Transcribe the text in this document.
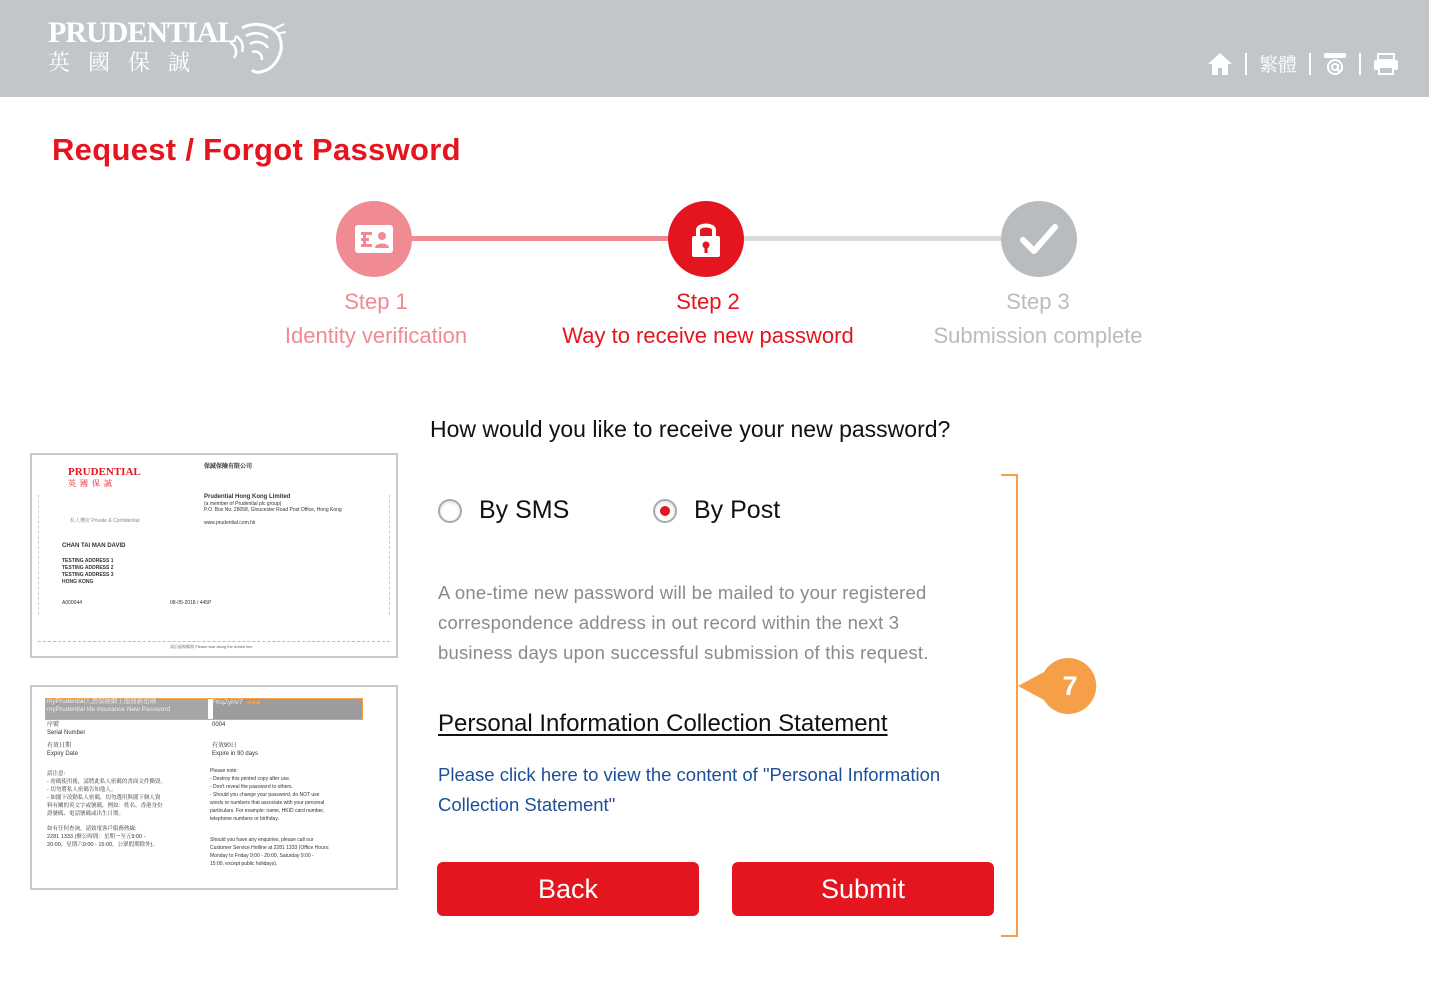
PRUDENTIAL
英國保誠	繁體
Request / Forgot Password
Step 1
Identity verification
Step 2
Way to receive new password
Step 3
Submission complete
PRUDENTIAL
英國保誠
保誠保險有限公司
Prudential Hong Kong Limited
(a member of Prudential plc group)
P.O. Box No. 28058, Gloucester Road Post Office, Hong Kong
www.prudential.com.hk
私人機密 Private & Confidential
CHAN TAI MAN DAVID
TESTING ADDRESS 1
TESTING ADDRESS 2
TESTING ADDRESS 3
HONG KONG
A000044	08-05-2018 / 445P
請沿虛線撕開 Please tear along the dotted line
myPrudential人壽保險網上服務新密碼
myPrudential life insurance New Password
FKqZyhV7 ◀◀◀
序號
Serial Number
0004
有效日期
Expiry Date
有效90日
Expire in 90 days
請注意:
- 密碼使用後，請將此私人密碼的書面文件撕毀。
- 切勿將私人密碼告知他人。
- 如閣下改動私人密碼，切勿選用與閣下個人資
料有關的英文字或號碼，例如：姓名、香港身份
證號碼、電話號碼或出生日期。
Please note:
- Destroy this printed copy after use.
- Don't reveal the password to others.
- Should you change your password, do NOT use
words or numbers that associate with your personal
particulars. For example: name, HKID card number,
telephone numbers or birthday.
如有任何查詢，請致電客戶服務熱線:
2281 1333 (辦公時間：星期一至五9:00 -
20:00，星期六9:00 - 15:00，公眾假期除外)。
Should you have any enquiries, please call our
Customer Service Hotline at 2281 1333 (Office Hours:
Monday to Friday 9:00 - 20:00, Saturday 9:00 -
15:00, except public holidays).
How would you like to receive your new password?
By SMS	By Post
A one-time new password will be mailed to your registered correspondence address in out record within the next 3 business days upon successful submission of this request.
Personal Information Collection Statement
Please click here to view the content of "Personal Information Collection Statement"
Back	Submit
7
